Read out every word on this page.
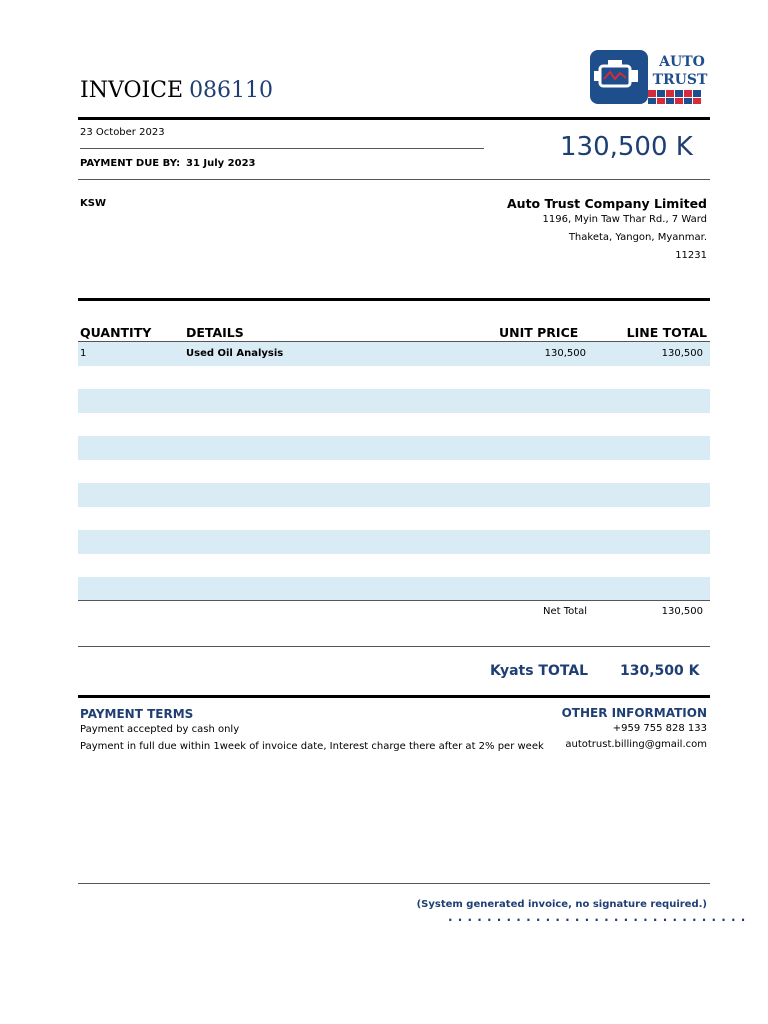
INVOICE 086110
AUTO
TRUST
23 October 2023
PAYMENT DUE BY: 31 July 2023
130,500 K
KSW	Auto Trust Company Limited
1196, Myin Taw Thar Rd., 7 Ward
Thaketa, Yangon, Myanmar.
11231
QUANTITY	DETAILS	UNIT PRICE	LINE TOTAL
1	Used Oil Analysis	130,500	130,500
Net Total	130,500
Kyats TOTAL 130,500 K
PAYMENT TERMS
Payment accepted by cash only
Payment in full due within 1week of invoice date, Interest charge there after at 2% per week
OTHER INFORMATION
+959 755 828 133
autotrust.billing@gmail.com
(System generated invoice, no signature required.)
...............................
